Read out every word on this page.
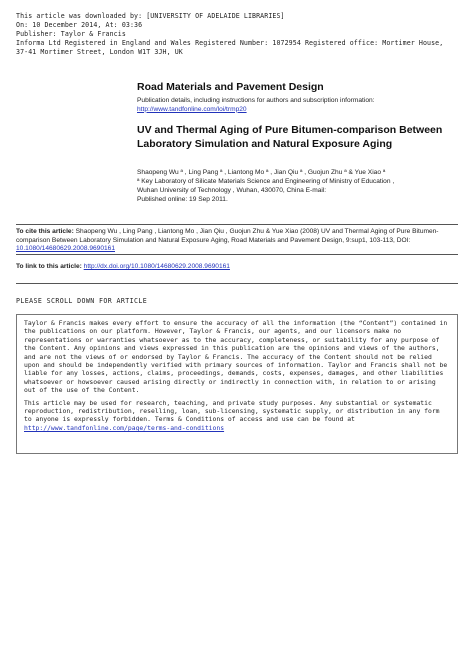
This article was downloaded by: [UNIVERSITY OF ADELAIDE LIBRARIES]
On: 10 December 2014, At: 03:36
Publisher: Taylor & Francis
Informa Ltd Registered in England and Wales Registered Number: 1072954 Registered office: Mortimer House, 37-41 Mortimer Street, London W1T 3JH, UK
Road Materials and Pavement Design
Publication details, including instructions for authors and subscription information:
http://www.tandfonline.com/loi/trmp20
UV and Thermal Aging of Pure Bitumen-comparison Between Laboratory Simulation and Natural Exposure Aging
Shaopeng Wu ª , Ling Pang ª , Liantong Mo ª , Jian Qiu ª , Guojun Zhu ª & Yue Xiao ª
ª Key Laboratory of Silicate Materials Science and Engineering of Ministry of Education ,
Wuhan University of Technology , Wuhan, 430070, China E-mail:
Published online: 19 Sep 2011.
To cite this article: Shaopeng Wu , Ling Pang , Liantong Mo , Jian Qiu , Guojun Zhu & Yue Xiao (2008) UV and Thermal Aging of Pure Bitumen-comparison Between Laboratory Simulation and Natural Exposure Aging, Road Materials and Pavement Design, 9:sup1, 103-113, DOI: 10.1080/14680629.2008.9690161
To link to this article: http://dx.doi.org/10.1080/14680629.2008.9690161
PLEASE SCROLL DOWN FOR ARTICLE

Taylor & Francis makes every effort to ensure the accuracy of all the information (the “Content”) contained in the publications on our platform. However, Taylor & Francis, our agents, and our licensors make no representations or warranties whatsoever as to the accuracy, completeness, or suitability for any purpose of the Content. Any opinions and views expressed in this publication are the opinions and views of the authors, and are not the views of or endorsed by Taylor & Francis. The accuracy of the Content should not be relied upon and should be independently verified with primary sources of information. Taylor and Francis shall not be liable for any losses, actions, claims, proceedings, demands, costs, expenses, damages, and other liabilities whatsoever or howsoever caused arising directly or indirectly in connection with, in relation to or arising out of the use of the Content.

This article may be used for research, teaching, and private study purposes. Any substantial or systematic reproduction, redistribution, reselling, loan, sub-licensing, systematic supply, or distribution in any form to anyone is expressly forbidden. Terms & Conditions of access and use can be found at http://www.tandfonline.com/page/terms-and-conditions
